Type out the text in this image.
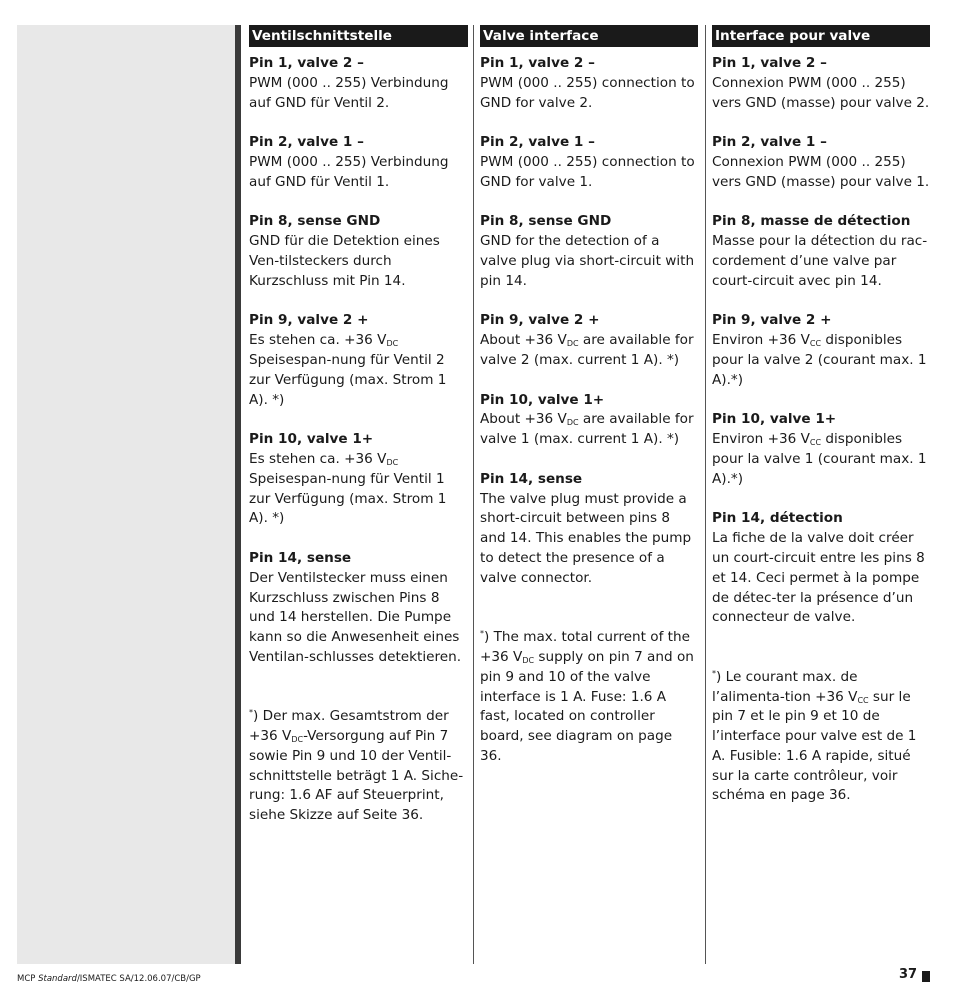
Ventilschnittstelle
Pin 1, valve 2 –
PWM (000 .. 255) Verbindung auf GND für Ventil 2.
Pin 2, valve 1 –
PWM (000 .. 255) Verbindung auf GND für Ventil 1.
Pin 8, sense GND
GND für die Detektion eines Ven-tilsteckers durch Kurzschluss mit Pin 14.
Pin 9, valve 2 +
Es stehen ca. +36 $V_{DC}$ Speisespan-nung für Ventil 2 zur Verfügung (max. Strom 1 A). *)
Pin 10, valve 1+
Es stehen ca. +36 $V_{DC}$ Speisespan-nung für Ventil 1 zur Verfügung (max. Strom 1 A). *)
Pin 14, sense
Der Ventilstecker muss einen Kurzschluss zwischen Pins 8 und 14 herstellen. Die Pumpe kann so die Anwesenheit eines Ventilan-schlusses detektieren.
*) Der max. Gesamtstrom der +36 $V_{DC}$-Versorgung auf Pin 7 sowie Pin 9 und 10 der Ventil-schnittstelle beträgt 1 A. Siche-rung: 1.6 AF auf Steuerprint, siehe Skizze auf Seite 36.
Valve interface
Pin 1, valve 2 –
PWM (000 .. 255) connection to GND for valve 2.
Pin 2, valve 1 –
PWM (000 .. 255) connection to GND for valve 1.
Pin 8, sense GND
GND for the detection of a valve plug via short-circuit with pin 14.
Pin 9, valve 2 +
About +36 $V_{DC}$ are available for valve 2 (max. current 1 A). *)
Pin 10, valve 1+
About +36 $V_{DC}$ are available for valve 1 (max. current 1 A). *)
Pin 14, sense
The valve plug must provide a short-circuit between pins 8 and 14. This enables the pump to detect the presence of a valve connector.
*) The max. total current of the +36 $V_{DC}$ supply on pin 7 and on pin 9 and 10 of the valve interface is 1 A. Fuse: 1.6 A fast, located on controller board, see diagram on page 36.
Interface pour valve
Pin 1, valve 2 –
Connexion PWM (000 .. 255) vers GND (masse) pour valve 2.
Pin 2, valve 1 –
Connexion PWM (000 .. 255) vers GND (masse) pour valve 1.
Pin 8, masse de détection
Masse pour la détection du rac-cordement d’une valve par court-circuit avec pin 14.
Pin 9, valve 2 +
Environ +36 $V_{CC}$ disponibles pour la valve 2 (courant max. 1 A).*)
Pin 10, valve 1+
Environ +36 $V_{CC}$ disponibles pour la valve 1 (courant max. 1 A).*)
Pin 14, détection
La fiche de la valve doit créer un court-circuit entre les pins 8 et 14. Ceci permet à la pompe de détec-ter la présence d’un connecteur de valve.
*) Le courant max. de l’alimenta-tion +36 $V_{CC}$ sur le pin 7 et le pin 9 et 10 de l’interface pour valve est de 1 A. Fusible: 1.6 A rapide, situé sur la carte contrôleur, voir schéma en page 36.
MCP Standard/ISMATEC SA/12.06.07/CB/GP	37
